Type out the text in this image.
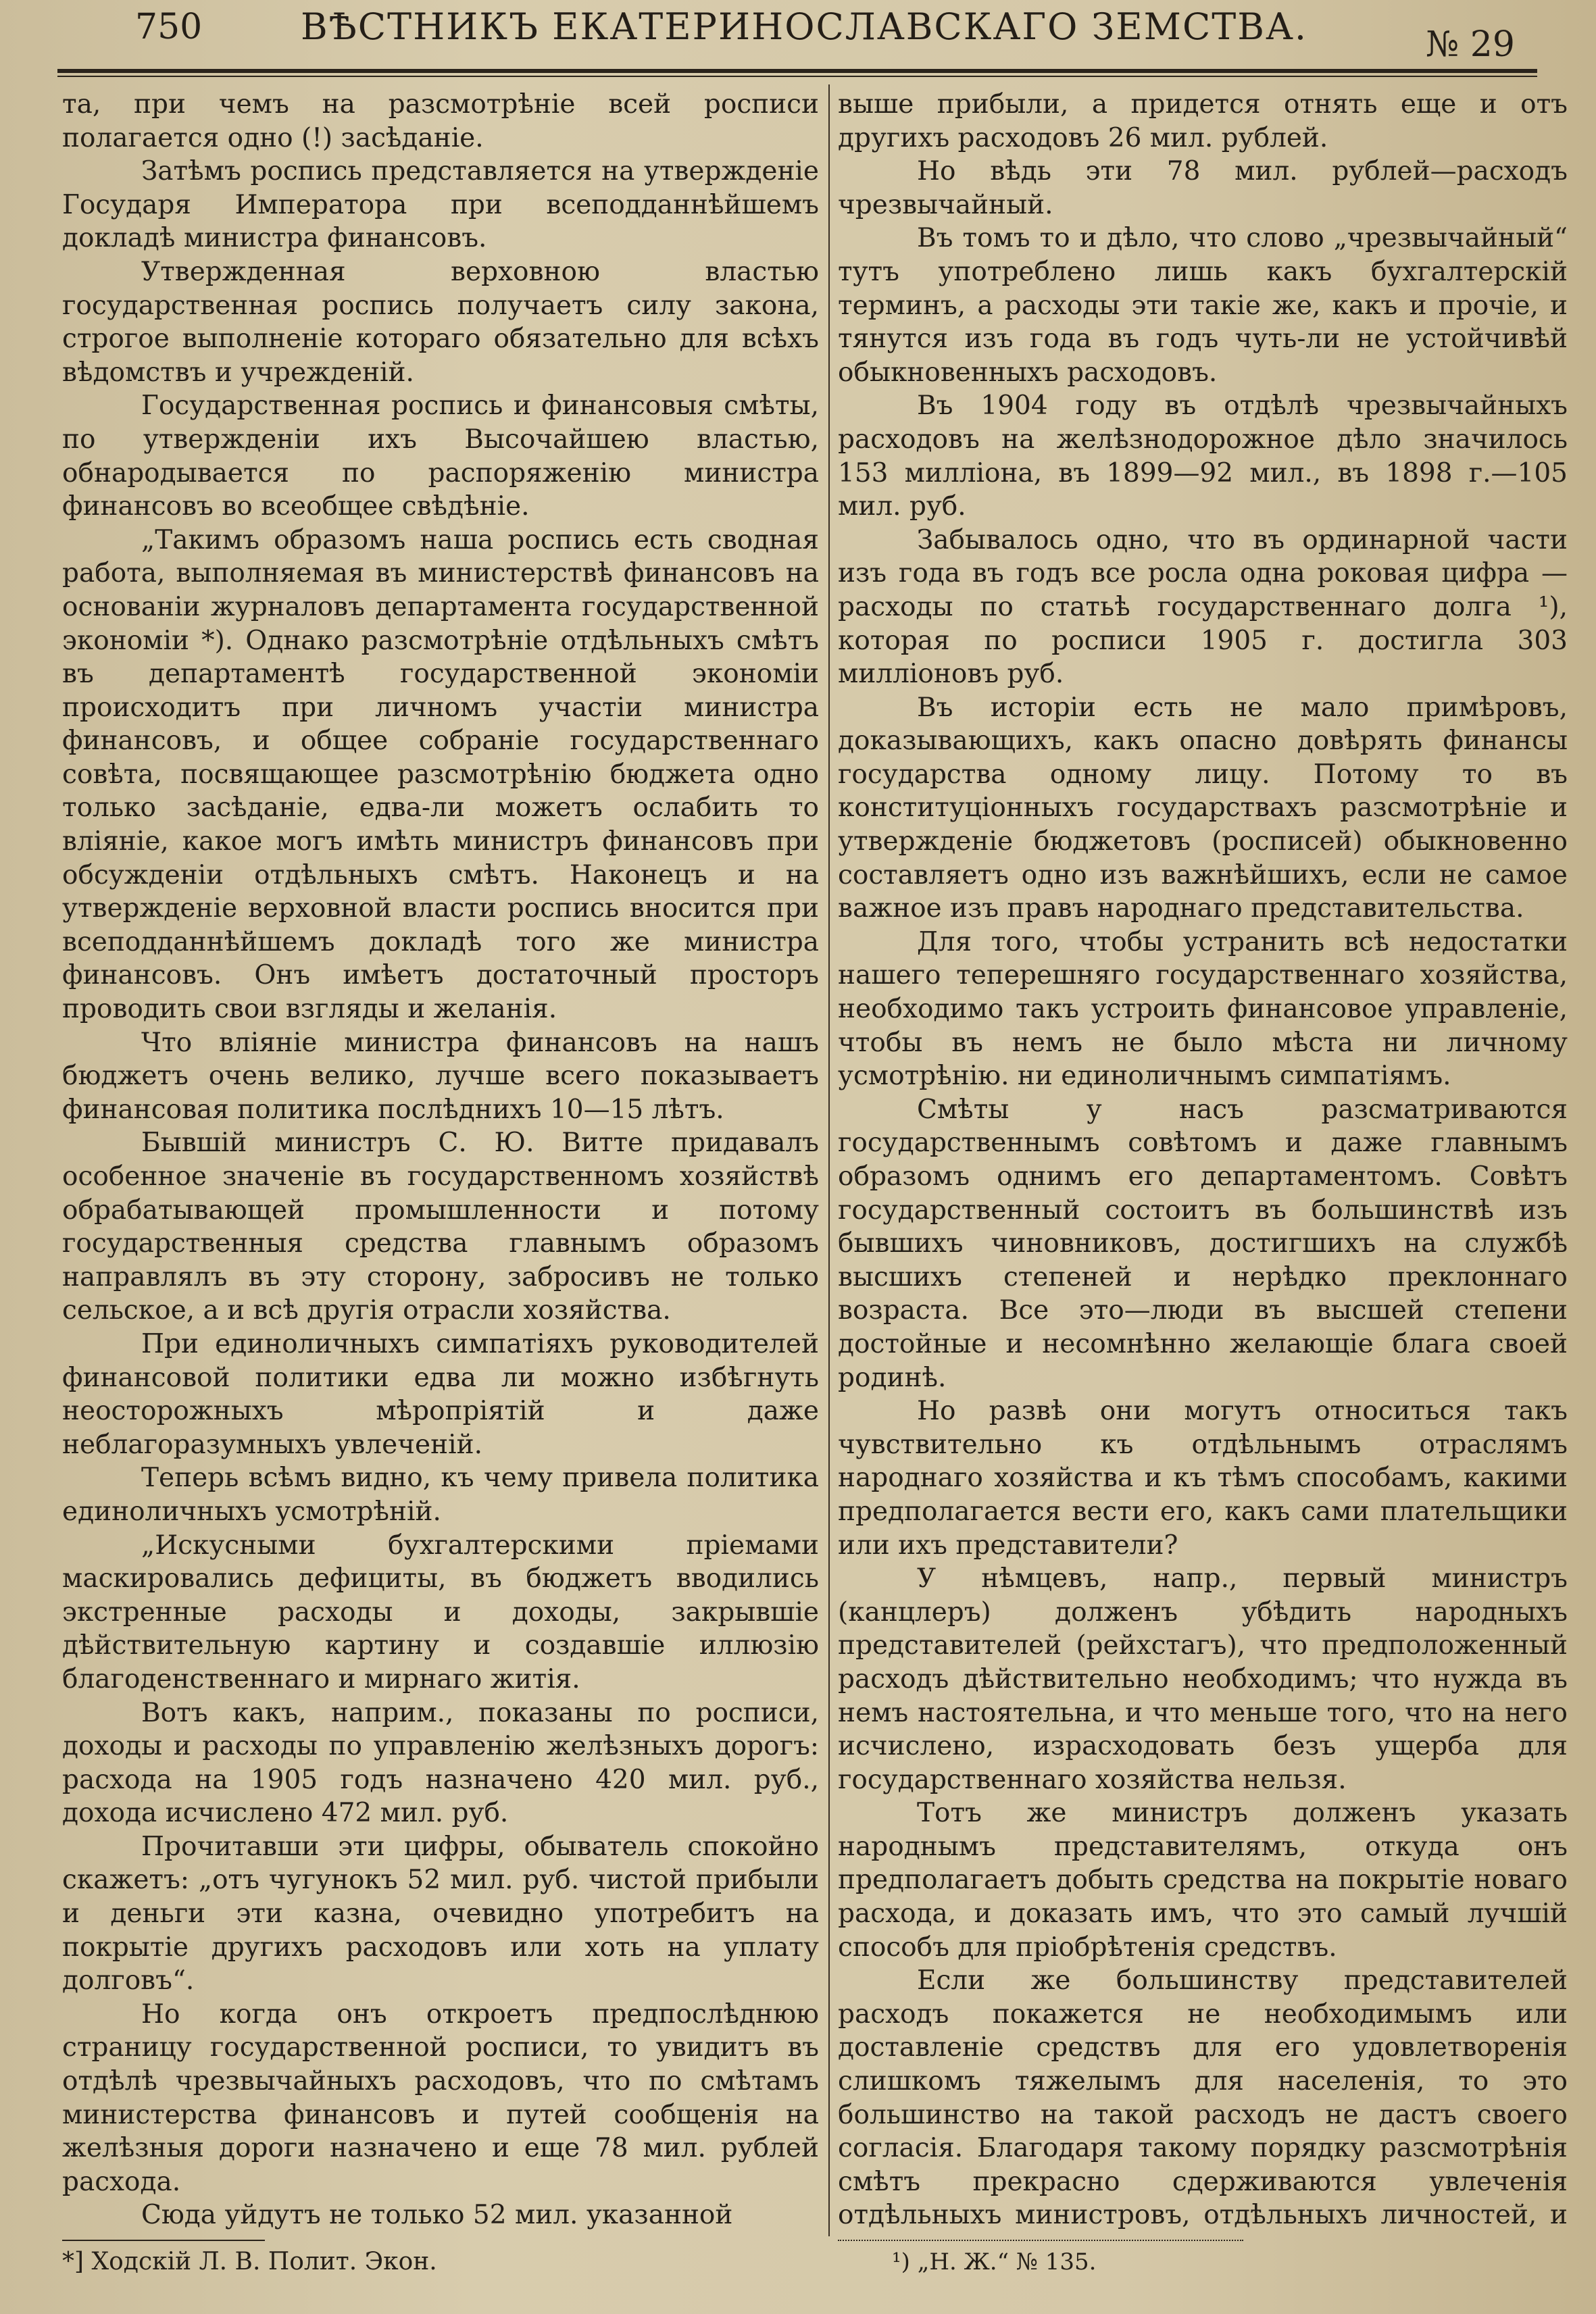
750	ВѢСТНИКЪ ЕКАТЕРИНОСЛАВСКАГО ЗЕМСТВА.	№ 29

та, при чемъ на разсмотрѣніе всей росписи полагается одно (!) засѣданіе.

Затѣмъ роспись представляется на утвержденіе Государя Императора при всеподданнѣйшемъ докладѣ министра финансовъ.

Утвержденная верховною властью государственная роспись получаетъ силу закона, строгое выполненіе котораго обязательно для всѣхъ вѣдомствъ и учрежденій.

Государственная роспись и финансовыя смѣты, по утвержденіи ихъ Высочайшею властью, обнародывается по распоряженію министра финансовъ во всеобщее свѣдѣніе.

„Такимъ образомъ наша роспись есть сводная работа, выполняемая въ министерствѣ финансовъ на основаніи журналовъ департамента государственной экономіи *). Однако разсмотрѣніе отдѣльныхъ смѣтъ въ департаментѣ государственной экономіи происходитъ при личномъ участіи министра финансовъ, и общее собраніе государственнаго совѣта, посвящающее разсмотрѣнію бюджета одно только засѣданіе, едва-ли можетъ ослабить то вліяніе, какое могъ имѣть министръ финансовъ при обсужденіи отдѣльныхъ смѣтъ. Наконецъ и на утвержденіе верховной власти роспись вносится при всеподданнѣйшемъ докладѣ того же министра финансовъ. Онъ имѣетъ достаточный просторъ проводить свои взгляды и желанія.

Что вліяніе министра финансовъ на нашъ бюджетъ очень велико, лучше всего показываетъ финансовая политика послѣднихъ 10—15 лѣтъ.

Бывшій министръ С. Ю. Витте придавалъ особенное значеніе въ государственномъ хозяйствѣ обрабатывающей промышленности и потому государственныя средства главнымъ образомъ направлялъ въ эту сторону, забросивъ не только сельское, а и всѣ другія отрасли хозяйства.

При единоличныхъ симпатіяхъ руководителей финансовой политики едва ли можно избѣгнуть неосторожныхъ мѣропріятій и даже неблагоразумныхъ увлеченій.

Теперь всѣмъ видно, къ чему привела политика единоличныхъ усмотрѣній.

„Искусными бухгалтерскими пріемами маскировались дефициты, въ бюджетъ вводились экстренные расходы и доходы, закрывшіе дѣйствительную картину и создавшіе иллюзію благоденственнаго и мирнаго житія.

Вотъ какъ, наприм., показаны по росписи, доходы и расходы по управленію желѣзныхъ дорогъ: расхода на 1905 годъ назначено 420 мил. руб., дохода исчислено 472 мил. руб.

Прочитавши эти цифры, обыватель спокойно скажетъ: „отъ чугунокъ 52 мил. руб. чистой прибыли и деньги эти казна, очевидно употребитъ на покрытіе другихъ расходовъ или хоть на уплату долговъ“.

Но когда онъ откроетъ предпослѣднюю страницу государственной росписи, то увидитъ въ отдѣлѣ чрезвычайныхъ расходовъ, что по смѣтамъ министерства финансовъ и путей сообщенія на желѣзныя дороги назначено и еще 78 мил. рублей расхода.

Сюда уйдутъ не только 52 мил. указанной

выше прибыли, а придется отнять еще и отъ другихъ расходовъ 26 мил. рублей.

Но вѣдь эти 78 мил. рублей—расходъ чрезвычайный.

Въ томъ то и дѣло, что слово „чрезвычайный“ тутъ употреблено лишь какъ бухгалтерскій терминъ, а расходы эти такіе же, какъ и прочіе, и тянутся изъ года въ годъ чуть-ли не устойчивѣй обыкновенныхъ расходовъ.

Въ 1904 году въ отдѣлѣ чрезвычайныхъ расходовъ на желѣзнодорожное дѣло значилось 153 милліона, въ 1899—92 мил., въ 1898 г.—105 мил. руб.

Забывалось одно, что въ ординарной части изъ года въ годъ все росла одна роковая цифра —расходы по статьѣ государственнаго долга ¹), которая по росписи 1905 г. достигла 303 милліоновъ руб.

Въ исторіи есть не мало примѣровъ, доказывающихъ, какъ опасно довѣрять финансы государства одному лицу. Потому то въ конституціонныхъ государствахъ разсмотрѣніе и утвержденіе бюджетовъ (росписей) обыкновенно составляетъ одно изъ важнѣйшихъ, если не самое важное изъ правъ народнаго представительства.

Для того, чтобы устранить всѣ недостатки нашего теперешняго государственнаго хозяйства, необходимо такъ устроить финансовое управленіе, чтобы въ немъ не было мѣста ни личному усмотрѣнію. ни единоличнымъ симпатіямъ.

Смѣты у насъ разсматриваются государственнымъ совѣтомъ и даже главнымъ образомъ однимъ его департаментомъ. Совѣтъ государственный состоитъ въ большинствѣ изъ бывшихъ чиновниковъ, достигшихъ на службѣ высшихъ степеней и нерѣдко преклоннаго возраста. Все это—люди въ высшей степени достойные и несомнѣнно желающіе блага своей родинѣ.

Но развѣ они могутъ относиться такъ чувствительно къ отдѣльнымъ отраслямъ народнаго хозяйства и къ тѣмъ способамъ, какими предполагается вести его, какъ сами плательщики или ихъ представители?

У нѣмцевъ, напр., первый министръ (канцлеръ) долженъ убѣдить народныхъ представителей (рейхстагъ), что предположенный расходъ дѣйствительно необходимъ; что нужда въ немъ настоятельна, и что меньше того, что на него исчислено, израсходовать безъ ущерба для государственнаго хозяйства нельзя.

Тотъ же министръ долженъ указать народнымъ представителямъ, откуда онъ предполагаетъ добыть средства на покрытіе новаго расхода, и доказать имъ, что это самый лучшій способъ для пріобрѣтенія средствъ.

Если же большинству представителей расходъ покажется не необходимымъ или доставленіе средствъ для его удовлетворенія слишкомъ тяжелымъ для населенія, то это большинство на такой расходъ не дастъ своего согласія. Благодаря такому порядку разсмотрѣнія смѣтъ прекрасно сдерживаются увлеченія отдѣльныхъ министровъ, отдѣльныхъ личностей, и

*] Ходскій Л. В. Полит. Экон.	¹) „Н. Ж.“ № 135.
